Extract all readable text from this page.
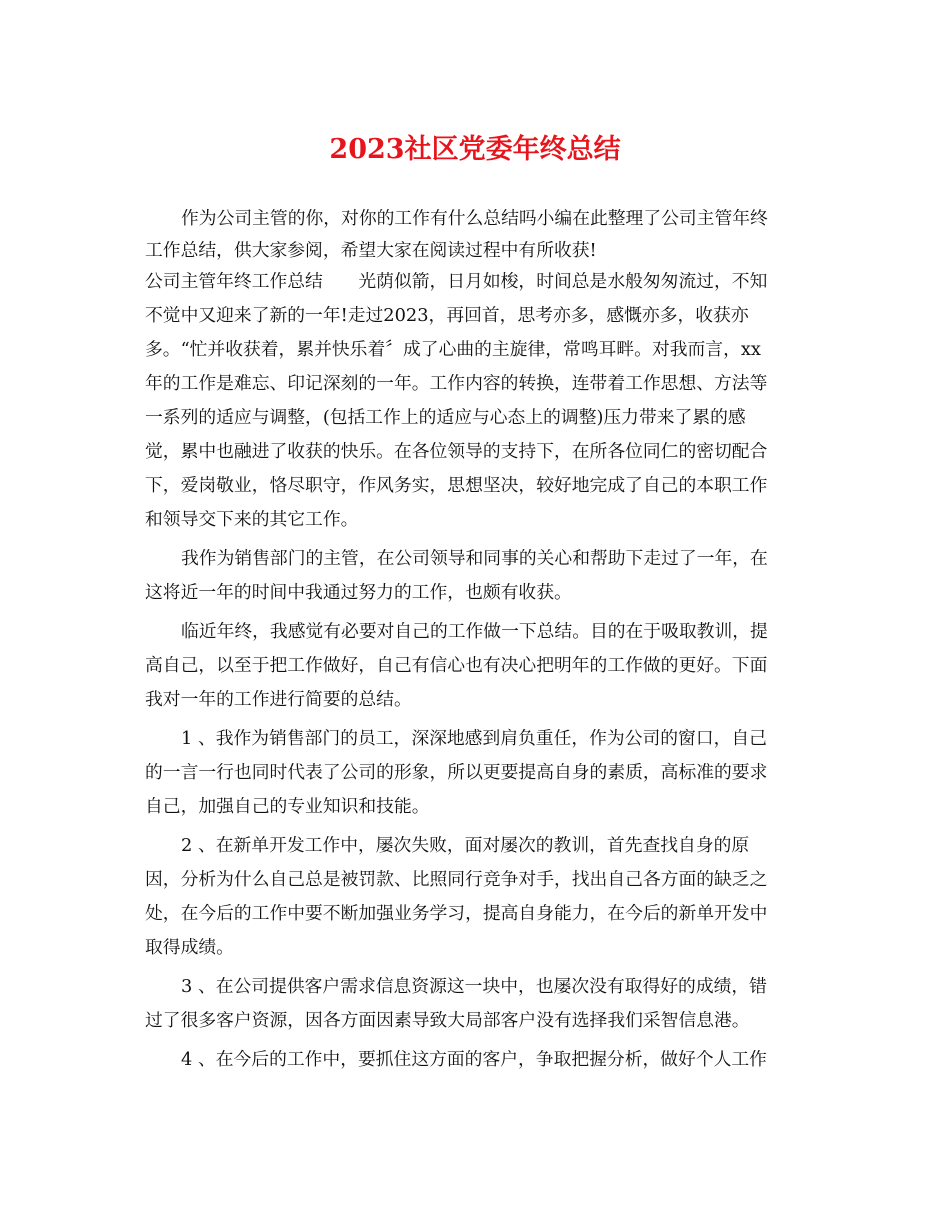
2023社区党委年终总结
作为公司主管的你，对你的工作有什么总结吗小编在此整理了公司主管年终
工作总结，供大家参阅，希望大家在阅读过程中有所收获!
公司主管年终工作总结　　光荫似箭，日月如梭，时间总是水般匆匆流过，不知
不觉中又迎来了新的一年!走过2023，再回首，思考亦多，感慨亦多，收获亦
多。“忙并收获着，累并快乐着〞成了心曲的主旋律，常鸣耳畔。对我而言，xx
年的工作是难忘、印记深刻的一年。工作内容的转换，连带着工作思想、方法等
一系列的适应与调整，(包括工作上的适应与心态上的调整)压力带来了累的感
觉，累中也融进了收获的快乐。在各位领导的支持下，在所各位同仁的密切配合
下，爱岗敬业，恪尽职守，作风务实，思想坚决，较好地完成了自己的本职工作
和领导交下来的其它工作。
我作为销售部门的主管，在公司领导和同事的关心和帮助下走过了一年，在
这将近一年的时间中我通过努力的工作，也颇有收获。
临近年终，我感觉有必要对自己的工作做一下总结。目的在于吸取教训，提
高自己，以至于把工作做好，自己有信心也有决心把明年的工作做的更好。下面
我对一年的工作进行简要的总结。
1 、我作为销售部门的员工，深深地感到肩负重任，作为公司的窗口，自己
的一言一行也同时代表了公司的形象，所以更要提高自身的素质，高标准的要求
自己，加强自己的专业知识和技能。
2 、在新单开发工作中，屡次失败，面对屡次的教训，首先查找自身的原
因，分析为什么自己总是被罚款、比照同行竞争对手，找出自己各方面的缺乏之
处，在今后的工作中要不断加强业务学习，提高自身能力，在今后的新单开发中
取得成绩。
3 、在公司提供客户需求信息资源这一块中，也屡次没有取得好的成绩，错
过了很多客户资源，因各方面因素导致大局部客户没有选择我们采智信息港。
4 、在今后的工作中，要抓住这方面的客户，争取把握分析，做好个人工作
